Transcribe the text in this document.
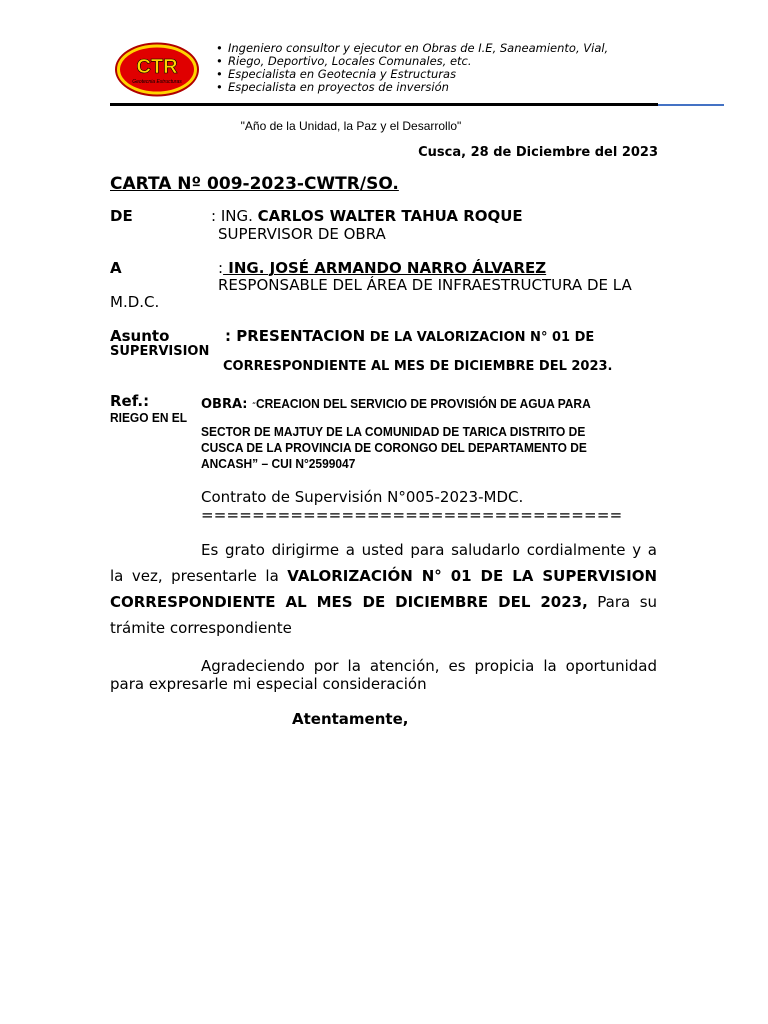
CTR
Geotecnia Estructuras
• Ingeniero consultor y ejecutor en Obras de I.E, Saneamiento, Vial,
• Riego, Deportivo, Locales Comunales, etc.
• Especialista en Geotecnia y Estructuras
• Especialista en proyectos de inversión
"Año de la Unidad, la Paz y el Desarrollo"
Cusca, 28 de Diciembre del 2023
CARTA Nº 009-2023-CWTR/SO.
DE	: ING. CARLOS WALTER TAHUA ROQUE
SUPERVISOR DE OBRA
A	: ING. JOSÉ ARMANDO NARRO ÁLVAREZ
RESPONSABLE DEL ÁREA DE INFRAESTRUCTURA DE LA
M.D.C.
Asunto	: PRESENTACION DE LA VALORIZACION N° 01 DE
SUPERVISION
CORRESPONDIENTE AL MES DE DICIEMBRE DEL 2023.
Ref.:	OBRA: “CREACION DEL SERVICIO DE PROVISIÓN DE AGUA PARA
RIEGO EN EL
SECTOR DE MAJTUY DE LA COMUNIDAD DE TARICA DISTRITO DE
CUSCA DE LA PROVINCIA DE CORONGO DEL DEPARTAMENTO DE
ANCASH” – CUI N°2599047
Contrato de Supervisión N°005-2023-MDC.
=================================
Es grato dirigirme a usted para saludarlo cordialmente y a la vez, presentarle la VALORIZACIÓN N° 01 DE LA SUPERVISION CORRESPONDIENTE AL MES DE DICIEMBRE DEL 2023, Para su trámite correspondiente
Agradeciendo por la atención, es propicia la oportunidad para expresarle mi especial consideración
Atentamente,
